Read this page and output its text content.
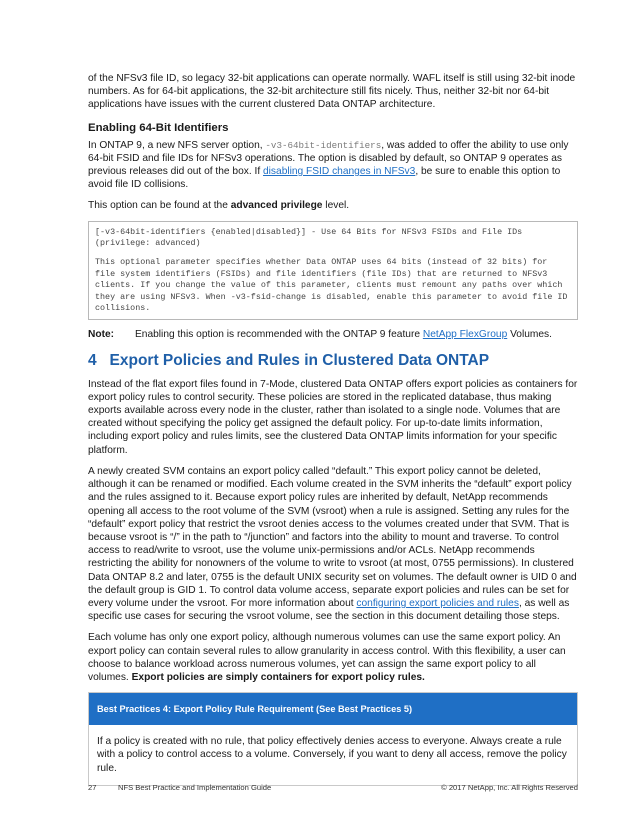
of the NFSv3 file ID, so legacy 32-bit applications can operate normally. WAFL itself is still using 32-bit inode numbers. As for 64-bit applications, the 32-bit architecture still fits nicely. Thus, neither 32-bit nor 64-bit applications have issues with the current clustered Data ONTAP architecture.

Enabling 64-Bit Identifiers

In ONTAP 9, a new NFS server option, -v3-64bit-identifiers, was added to offer the ability to use only 64-bit FSID and file IDs for NFSv3 operations. The option is disabled by default, so ONTAP 9 operates as previous releases did out of the box. If disabling FSID changes in NFSv3, be sure to enable this option to avoid file ID collisions.

This option can be found at the advanced privilege level.

[-v3-64bit-identifiers {enabled|disabled}] - Use 64 Bits for NFSv3 FSIDs and File IDs (privilege: advanced)
This optional parameter specifies whether Data ONTAP uses 64 bits (instead of 32 bits) for file system identifiers (FSIDs) and file identifiers (file IDs) that are returned to NFSv3 clients. If you change the value of this parameter, clients must remount any paths over which they are using NFSv3. When -v3-fsid-change is disabled, enable this parameter to avoid file ID collisions.
Note:	Enabling this option is recommended with the ONTAP 9 feature NetApp FlexGroup Volumes.
4   Export Policies and Rules in Clustered Data ONTAP

Instead of the flat export files found in 7-Mode, clustered Data ONTAP offers export policies as containers for export policy rules to control security. These policies are stored in the replicated database, thus making exports available across every node in the cluster, rather than isolated to a single node. Volumes that are created without specifying the policy get assigned the default policy. For up-to-date limits information, including export policy and rules limits, see the clustered Data ONTAP limits information for your specific platform.

A newly created SVM contains an export policy called “default.” This export policy cannot be deleted, although it can be renamed or modified. Each volume created in the SVM inherits the “default” export policy and the rules assigned to it. Because export policy rules are inherited by default, NetApp recommends opening all access to the root volume of the SVM (vsroot) when a rule is assigned. Setting any rules for the “default” export policy that restrict the vsroot denies access to the volumes created under that SVM. That is because vsroot is “/” in the path to “/junction” and factors into the ability to mount and traverse. To control access to read/write to vsroot, use the volume unix-permissions and/or ACLs. NetApp recommends restricting the ability for nonowners of the volume to write to vsroot (at most, 0755 permissions). In clustered Data ONTAP 8.2 and later, 0755 is the default UNIX security set on volumes. The default owner is UID 0 and the default group is GID 1. To control data volume access, separate export policies and rules can be set for every volume under the vsroot. For more information about configuring export policies and rules, as well as specific use cases for securing the vsroot volume, see the section in this document detailing those steps.

Each volume has only one export policy, although numerous volumes can use the same export policy. An export policy can contain several rules to allow granularity in access control. With this flexibility, a user can choose to balance workload across numerous volumes, yet can assign the same export policy to all volumes. Export policies are simply containers for export policy rules.

Best Practices 4: Export Policy Rule Requirement (See Best Practices 5)
If a policy is created with no rule, that policy effectively denies access to everyone. Always create a rule with a policy to control access to a volume. Conversely, if you want to deny all access, remove the policy rule.
27	NFS Best Practice and Implementation Guide	© 2017 NetApp, Inc. All Rights Reserved
